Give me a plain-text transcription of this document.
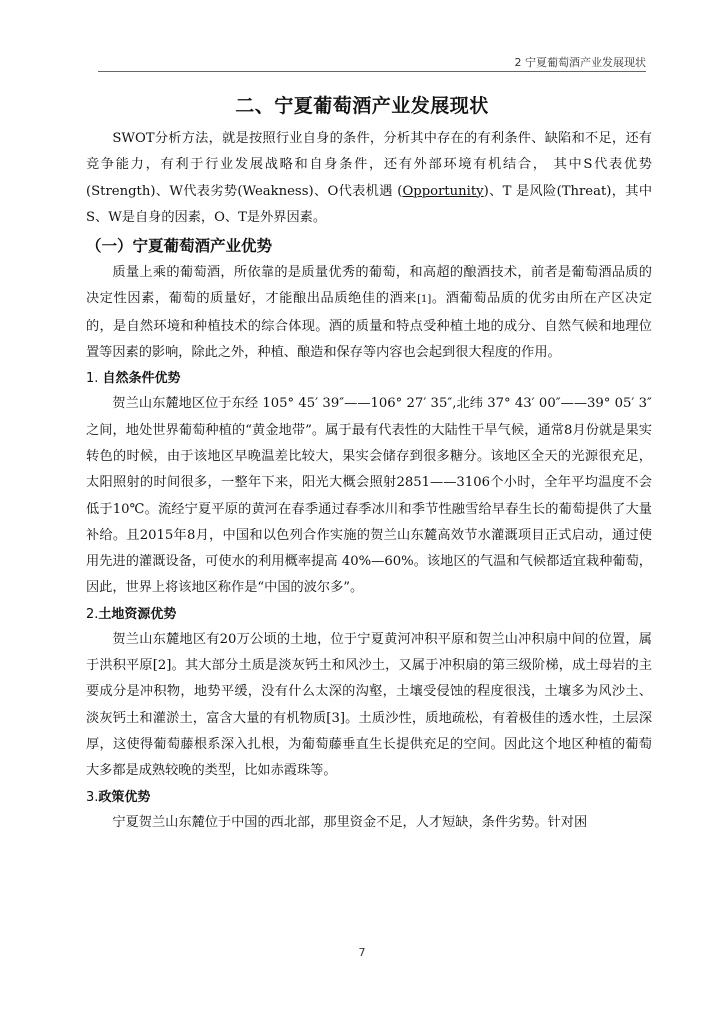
2 宁夏葡萄酒产业发展现状
二、宁夏葡萄酒产业发展现状

SWOT分析方法，就是按照行业自身的条件，分析其中存在的有利条件、缺陷和不足，还有竞争能力，有利于行业发展战略和自身条件，还有外部环境有机结合， 其中S代表优势(Strength)、W代表劣势(Weakness)、O代表机遇 (Opportunity)、T 是风险(Threat)，其中S、W是自身的因素，O、T是外界因素。

（一）宁夏葡萄酒产业优势

质量上乘的葡萄酒，所依靠的是质量优秀的葡萄，和高超的酿酒技术，前者是葡萄酒品质的决定性因素，葡萄的质量好，才能酿出品质绝佳的酒来[1]。酒葡萄品质的优劣由所在产区决定的，是自然环境和种植技术的综合体现。酒的质量和特点受种植土地的成分、自然气候和地理位置等因素的影响，除此之外，种植、酿造和保存等内容也会起到很大程度的作用。

1. 自然条件优势

贺兰山东麓地区位于东经 105° 45′ 39″——106° 27′ 35″,北纬 37° 43′ 00″——39° 05′ 3″之间，地处世界葡萄种植的“黄金地带”。属于最有代表性的大陆性干旱气候，通常8月份就是果实转色的时候，由于该地区早晚温差比较大，果实会储存到很多糖分。该地区全天的光源很充足，太阳照射的时间很多，一整年下来，阳光大概会照射2851——3106个小时，全年平均温度不会低于10℃。流经宁夏平原的黄河在春季通过春季冰川和季节性融雪给早春生长的葡萄提供了大量补给。且2015年8月，中国和以色列合作实施的贺兰山东麓高效节水灌溉项目正式启动，通过使用先进的灌溉设备，可使水的利用概率提高 40%—60%。该地区的气温和气候都适宜栽种葡萄，因此，世界上将该地区称作是“中国的波尔多”。

2.土地资源优势

贺兰山东麓地区有20万公顷的土地，位于宁夏黄河冲积平原和贺兰山冲积扇中间的位置，属于洪积平原[2]。其大部分土质是淡灰钙土和风沙土，又属于冲积扇的第三级阶梯，成土母岩的主要成分是冲积物，地势平缓，没有什么太深的沟壑，土壤受侵蚀的程度很浅，土壤多为风沙土、淡灰钙土和灌淤土，富含大量的有机物质[3]。土质沙性，质地疏松，有着极佳的透水性，土层深厚，这使得葡萄藤根系深入扎根，为葡萄藤垂直生长提供充足的空间。因此这个地区种植的葡萄大多都是成熟较晚的类型，比如赤霞珠等。

3.政策优势

宁夏贺兰山东麓位于中国的西北部，那里资金不足，人才短缺，条件劣势。针对困

7
